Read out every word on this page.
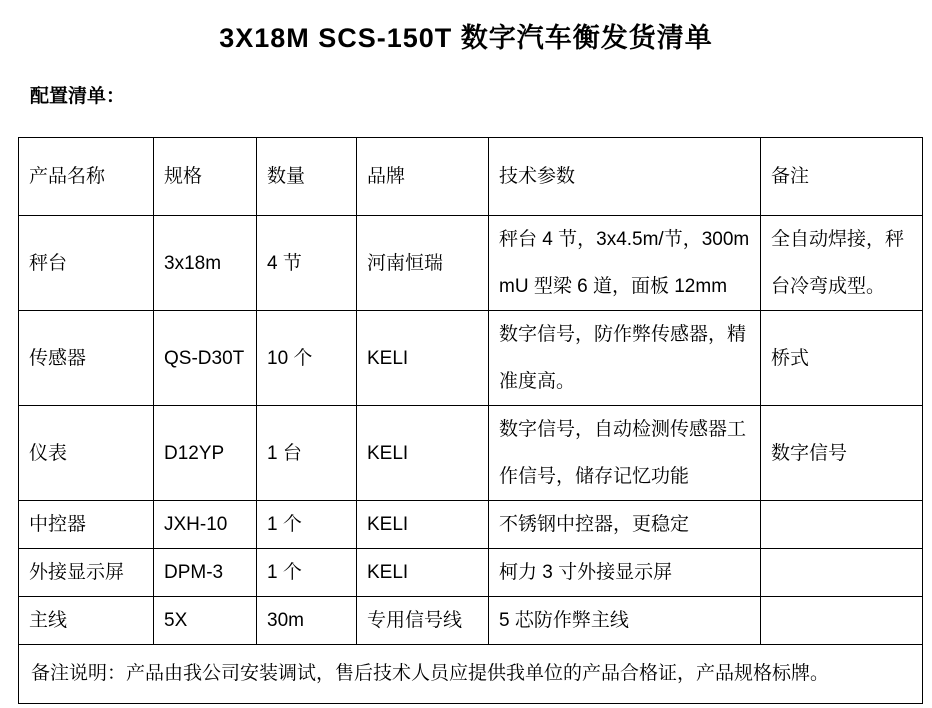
3X18M SCS-150T 数字汽车衡发货清单
配置清单：
产品名称	规格	数量	品牌	技术参数	备注
秤台	3x18m	4 节	河南恒瑞	秤台 4 节，3x4.5m/节，300mmU 型梁 6 道，面板 12mm	全自动焊接，秤台冷弯成型。
传感器	QS-D30T	10 个	KELI	数字信号，防作弊传感器，精准度高。	桥式
仪表	D12YP	1 台	KELI	数字信号，自动检测传感器工作信号，储存记忆功能	数字信号
中控器	JXH-10	1 个	KELI	不锈钢中控器，更稳定	
外接显示屏	DPM-3	1 个	KELI	柯力 3 寸外接显示屏	
主线	5X	30m	专用信号线	5 芯防作弊主线	
备注说明：产品由我公司安装调试，售后技术人员应提供我单位的产品合格证，产品规格标牌。					
